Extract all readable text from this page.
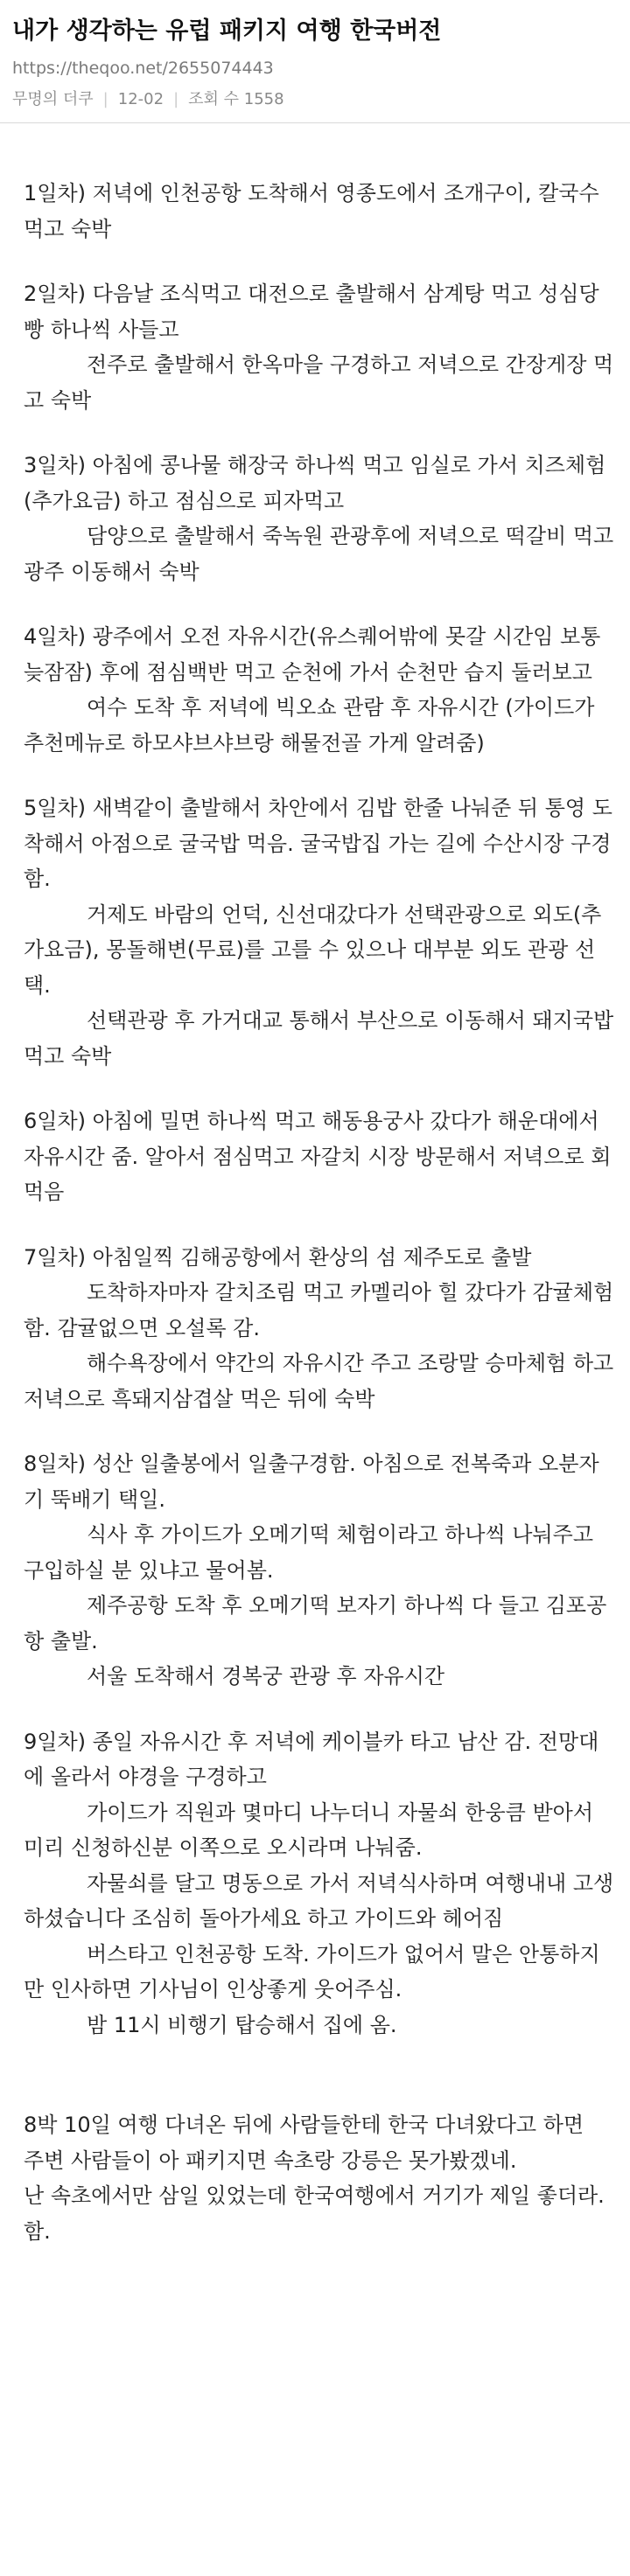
내가 생각하는 유럽 패키지 여행 한국버전
https://theqoo.net/2655074443
무명의 더쿠 | 12-02 | 조회 수 1558

1일차) 저녁에 인천공항 도착해서 영종도에서 조개구이, 칼국수먹고 숙박

2일차) 다음날 조식먹고 대전으로 출발해서 삼계탕 먹고 성심당 빵 하나씩 사들고

전주로 출발해서 한옥마을 구경하고 저녁으로 간장게장 먹고 숙박

3일차) 아침에 콩나물 해장국 하나씩 먹고 임실로 가서 치즈체험(추가요금) 하고 점심으로 피자먹고

담양으로 출발해서 죽녹원 관광후에 저녁으로 떡갈비 먹고 광주 이동해서 숙박

4일차) 광주에서 오전 자유시간(유스퀘어밖에 못갈 시간임 보통 늦잠잠) 후에 점심백반 먹고 순천에 가서 순천만 습지 둘러보고

여수 도착 후 저녁에 빅오쇼 관람 후 자유시간 (가이드가 추천메뉴로 하모샤브샤브랑 해물전골 가게 알려줌)

5일차) 새벽같이 출발해서 차안에서 김밥 한줄 나눠준 뒤 통영 도착해서 아점으로 굴국밥 먹음. 굴국밥집 가는 길에 수산시장 구경함.

거제도 바람의 언덕, 신선대갔다가 선택관광으로 외도(추가요금), 몽돌해변(무료)를 고를 수 있으나 대부분 외도 관광 선택.

선택관광 후 가거대교 통해서 부산으로 이동해서 돼지국밥 먹고 숙박

6일차) 아침에 밀면 하나씩 먹고 해동용궁사 갔다가 해운대에서 자유시간 줌. 알아서 점심먹고 자갈치 시장 방문해서 저녁으로 회먹음

7일차) 아침일찍 김해공항에서 환상의 섬 제주도로 출발

도착하자마자 갈치조림 먹고 카멜리아 힐 갔다가 감귤체험 함. 감귤없으면 오설록 감.

해수욕장에서 약간의 자유시간 주고 조랑말 승마체험 하고 저녁으로 흑돼지삼겹살 먹은 뒤에 숙박

8일차) 성산 일출봉에서 일출구경함. 아침으로 전복죽과 오분자기 뚝배기 택일.

식사 후 가이드가 오메기떡 체험이라고 하나씩 나눠주고 구입하실 분 있냐고 물어봄.

제주공항 도착 후 오메기떡 보자기 하나씩 다 들고 김포공항 출발.

서울 도착해서 경복궁 관광 후 자유시간

9일차) 종일 자유시간 후 저녁에 케이블카 타고 남산 감. 전망대에 올라서 야경을 구경하고

가이드가 직원과 몇마디 나누더니 자물쇠 한웅큼 받아서 미리 신청하신분 이쪽으로 오시라며 나눠줌.

자물쇠를 달고 명동으로 가서 저녁식사하며 여행내내 고생하셨습니다 조심히 돌아가세요 하고 가이드와 헤어짐

버스타고 인천공항 도착. 가이드가 없어서 말은 안통하지만 인사하면 기사님이 인상좋게 웃어주심.

밤 11시 비행기 탑승해서 집에 옴.

8박 10일 여행 다녀온 뒤에 사람들한테 한국 다녀왔다고 하면

주변 사람들이 아 패키지면 속초랑 강릉은 못가봤겠네.

난 속초에서만 삼일 있었는데 한국여행에서 거기가 제일 좋더라. 함.
